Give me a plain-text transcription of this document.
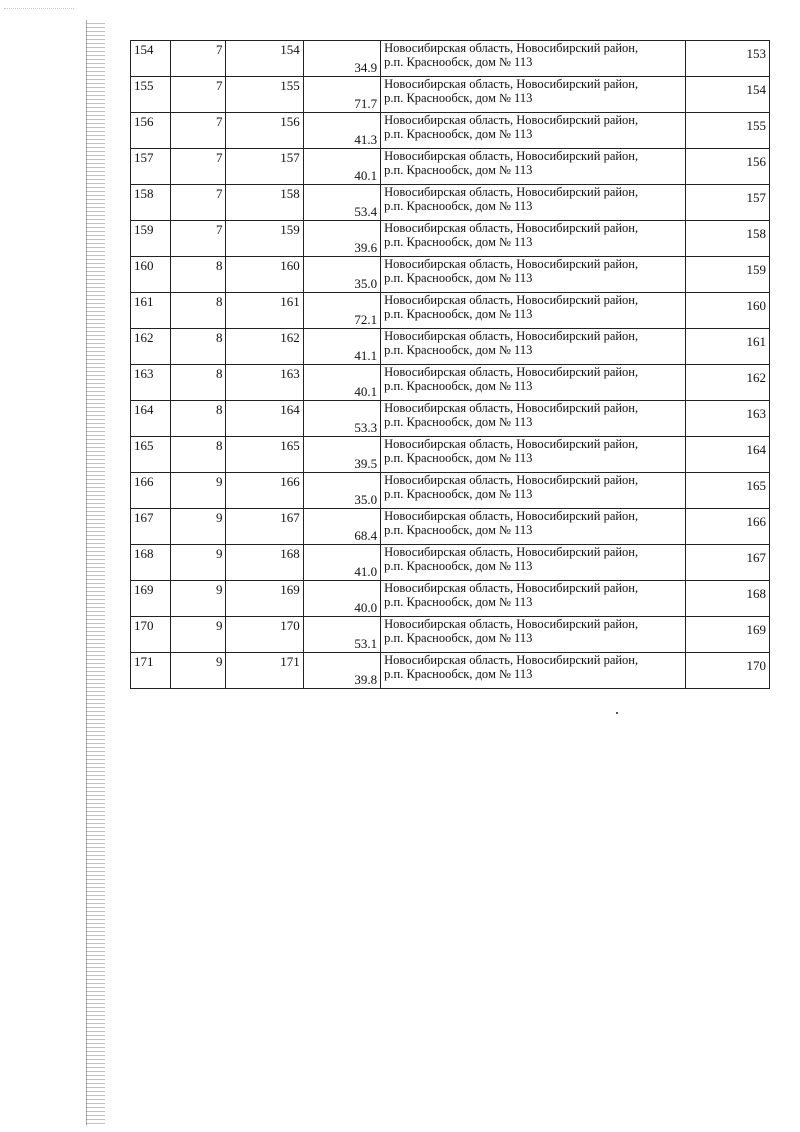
154	7	154	34.9	Новосибирская область, Новосибирский район,
р.п. Краснообск, дом № 113	153
155	7	155	71.7	Новосибирская область, Новосибирский район,
р.п. Краснообск, дом № 113	154
156	7	156	41.3	Новосибирская область, Новосибирский район,
р.п. Краснообск, дом № 113	155
157	7	157	40.1	Новосибирская область, Новосибирский район,
р.п. Краснообск, дом № 113	156
158	7	158	53.4	Новосибирская область, Новосибирский район,
р.п. Краснообск, дом № 113	157
159	7	159	39.6	Новосибирская область, Новосибирский район,
р.п. Краснообск, дом № 113	158
160	8	160	35.0	Новосибирская область, Новосибирский район,
р.п. Краснообск, дом № 113	159
161	8	161	72.1	Новосибирская область, Новосибирский район,
р.п. Краснообск, дом № 113	160
162	8	162	41.1	Новосибирская область, Новосибирский район,
р.п. Краснообск, дом № 113	161
163	8	163	40.1	Новосибирская область, Новосибирский район,
р.п. Краснообск, дом № 113	162
164	8	164	53.3	Новосибирская область, Новосибирский район,
р.п. Краснообск, дом № 113	163
165	8	165	39.5	Новосибирская область, Новосибирский район,
р.п. Краснообск, дом № 113	164
166	9	166	35.0	Новосибирская область, Новосибирский район,
р.п. Краснообск, дом № 113	165
167	9	167	68.4	Новосибирская область, Новосибирский район,
р.п. Краснообск, дом № 113	166
168	9	168	41.0	Новосибирская область, Новосибирский район,
р.п. Краснообск, дом № 113	167
169	9	169	40.0	Новосибирская область, Новосибирский район,
р.п. Краснообск, дом № 113	168
170	9	170	53.1	Новосибирская область, Новосибирский район,
р.п. Краснообск, дом № 113	169
171	9	171	39.8	Новосибирская область, Новосибирский район,
р.п. Краснообск, дом № 113	170
